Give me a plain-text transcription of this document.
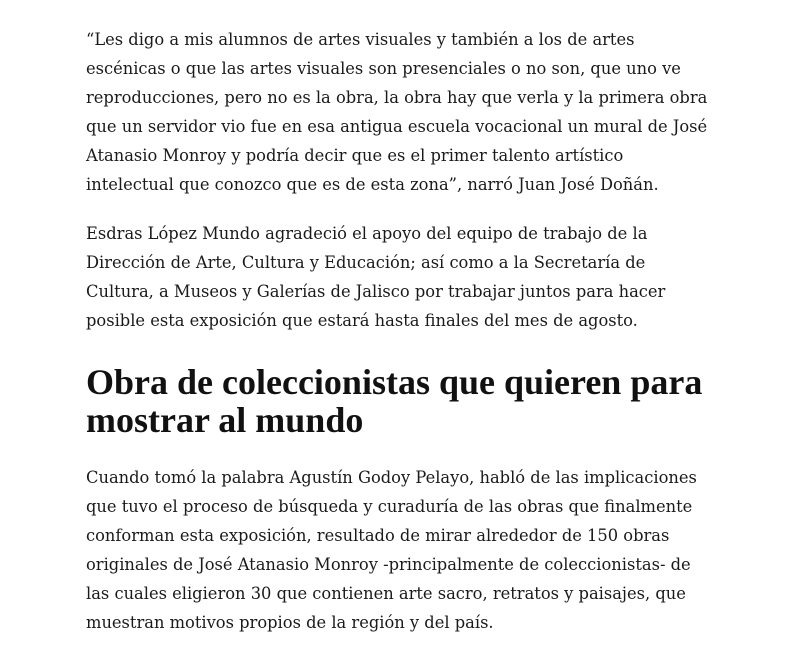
“Les digo a mis alumnos de artes visuales y también a los de artes escénicas o que las artes visuales son presenciales o no son, que uno ve reproducciones, pero no es la obra, la obra hay que verla y la primera obra que un servidor vio fue en esa antigua escuela vocacional un mural de José Atanasio Monroy y podría decir que es el primer talento artístico intelectual que conozco que es de esta zona”, narró Juan José Doñán.

Esdras López Mundo agradeció el apoyo del equipo de trabajo de la Dirección de Arte, Cultura y Educación; así como a la Secretaría de Cultura, a Museos y Galerías de Jalisco por trabajar juntos para hacer posible esta exposición que estará hasta finales del mes de agosto.

Obra de coleccionistas que quieren para mostrar al mundo

Cuando tomó la palabra Agustín Godoy Pelayo, habló de las implicaciones que tuvo el proceso de búsqueda y curaduría de las obras que finalmente conforman esta exposición, resultado de mirar alrededor de 150 obras originales de José Atanasio Monroy -principalmente de coleccionistas- de las cuales eligieron 30 que contienen arte sacro, retratos y paisajes, que muestran motivos propios de la región y del país.
